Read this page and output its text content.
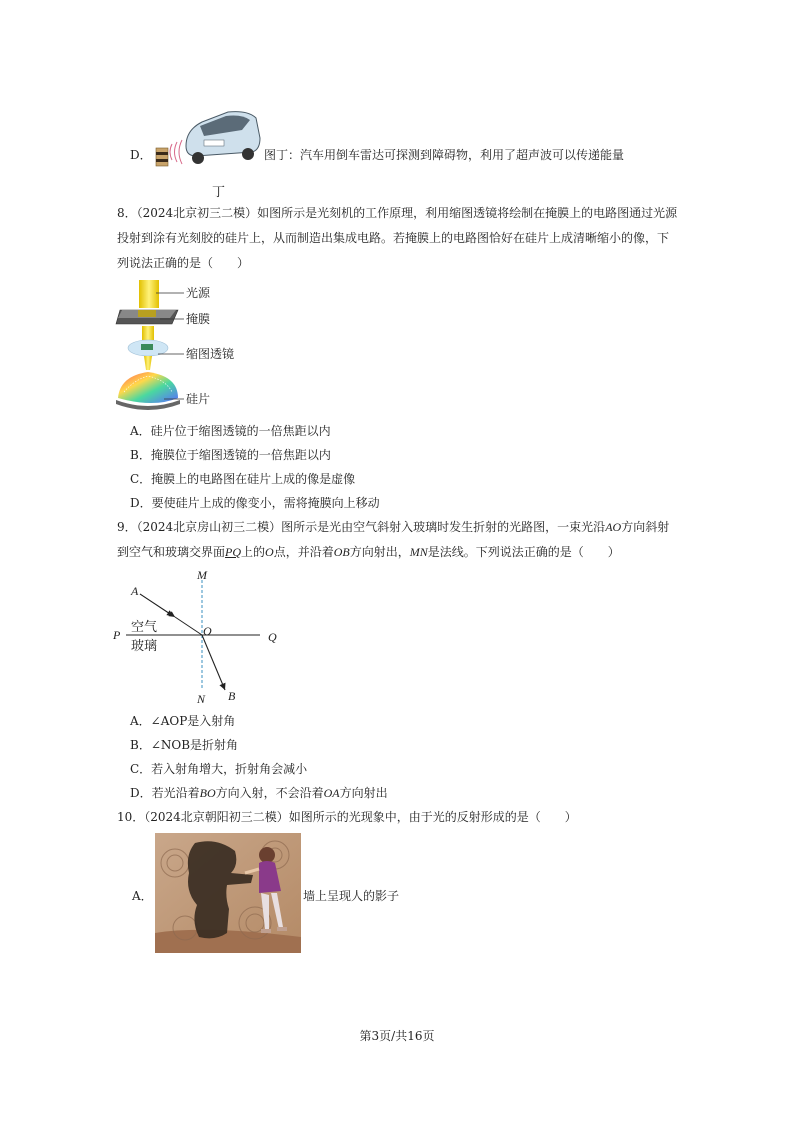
D．
丁
图丁：汽车用倒车雷达可探测到障碍物，利用了超声波可以传递能量
8．（2024北京初三二模）如图所示是光刻机的工作原理，利用缩图透镜将绘制在掩膜上的电路图通过光源
投射到涂有光刻胶的硅片上，从而制造出集成电路。若掩膜上的电路图恰好在硅片上成清晰缩小的像，下
列说法正确的是（　　）
光源
掩膜
缩图透镜
硅片
A．硅片位于缩图透镜的一倍焦距以内
B．掩膜位于缩图透镜的一倍焦距以内
C．掩膜上的电路图在硅片上成的像是虚像
D．要使硅片上成的像变小，需将掩膜向上移动
9．（2024北京房山初三二模）图所示是光由空气斜射入玻璃时发生折射的光路图，一束光沿AO方向斜射
到空气和玻璃交界面PQ上的O点，并沿着OB方向射出，MN是法线。下列说法正确的是（　　）
M
A
P	O	Q
空气
玻璃
N B
A．∠AOP是入射角
B．∠NOB是折射角
C．若入射角增大，折射角会减小
D．若光沿着BO方向入射，不会沿着OA方向射出
10．（2024北京朝阳初三二模）如图所示的光现象中，由于光的反射形成的是（　　）
A．	墙上呈现人的影子
第3页/共16页
